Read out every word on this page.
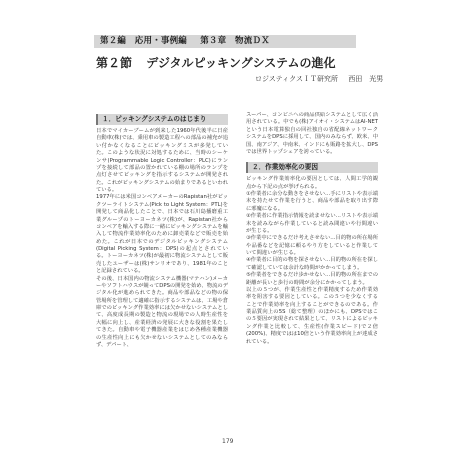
第２編　応用・事例編 第３章　物流ＤＸ
第２節 デジタルピッキングシステムの進化
ロジスティクスＩＴ研究所 西田　光男
１．ピッキングシステムのはじまり

日本でマイカーブームが到来した1960年代後半に日産自動車(株)では、乗用車の製造工程への部品の補充が追い付かなくなることにピッキングミスが多発していた。このような状況に対処するために、当時のシーケンサ(Programmable Logic Controller：PLC)にランプを接続して部品の置かれている棚の場所のランプを点灯させてピッキングを指示するシステムが開発された。これがピッキングシステムの始まりであるといわれている。

1977年には米国コンベアメーカーのRapistan社がピックツーライトシステム(Pick to Light System：PTL)を開発して商品化したことで、日本では石川島播磨重工業グループのトーヨーカネツ(株)が、Rapistan社からコンベアを輸入する際に一緒にピッキングシステムを輸入して物流作業効率化のために卸売業などで販売を始めた。これが日本でのデジタルピッキングシステム(Digital Picking System：DPS)の起点とされている。トーヨーカネツ(株)が最初に物流システムとして販売したユーザーは(株)サンリオであり、1981年のことと記録されている。

その後、日本国内の物流システム機器(マテハン)メーカーやソフトハウスが競ってDPSの開発を始め、物流のデジタル化が進められてきた。商品や部品などの物の保管場所を管理して適確に指示するシステムは、工場や倉庫でのピッキング作業効率には欠かせないシステムとして、高度成長期の製造と物流の現場での人時生産性を大幅に向上し、産業経済の発展に大きな役割を果たしてきた。自動車や電子機器産業をはじめ各種産業機器の生産性向上にも欠かせないシステムとしてのみならず、デパート、

スーパー、コンビニへの商品供給システムとして広く活用されている。中でも(株)アイオイ・システムはAI-NETという日本電算独自の回社独自の省配線ネットワークシステムをDPSに採用して、国内のみならず、欧米、中国、南アジア、中南米、インドにも販路を拡大し、DPSでは世界トップシェアを誇っている。

２．作業効率化の要因

ピッキング作業効率化の要因としては、人間工学的観点から下記の点が挙げられる。

①作業者に余分な動きをさせない…手にリストや表示端末を持たせて作業を行うと、商品や部品を取り出す際に邪魔になる。

②作業者に作業指示情報を読ませない…リストや表示端末を読みながら作業していると読み間違いや行間違いが生じる。

③作業中にできるだけ考えさせない…目的物の所在場所や品番などを記憶に頼るやり方をしていると作業していて間違いが生じる。

④作業者に目的の物を探させない…目的物の所在を探して確認していては余計な時間がかかってしまう。

⑤作業者をできるだけ歩かせない…目的物の所在までの距離が長いと歩行の時間が余分にかかってしまう。

以上の５つが、作業生産性と作業精度するため作業効率を阻害する要因としている。この５つを少なくすることで作業効率を向上することができるのである。作業品質向上の5S（総て整理）のほかにも、DPSではこの５要因が実現されて結果として、リストによるピッキング作業と比較して、生産性(作業スピード)で２倍(200%)、精度ではは10倍という作業効率向上が達成されている。

179
